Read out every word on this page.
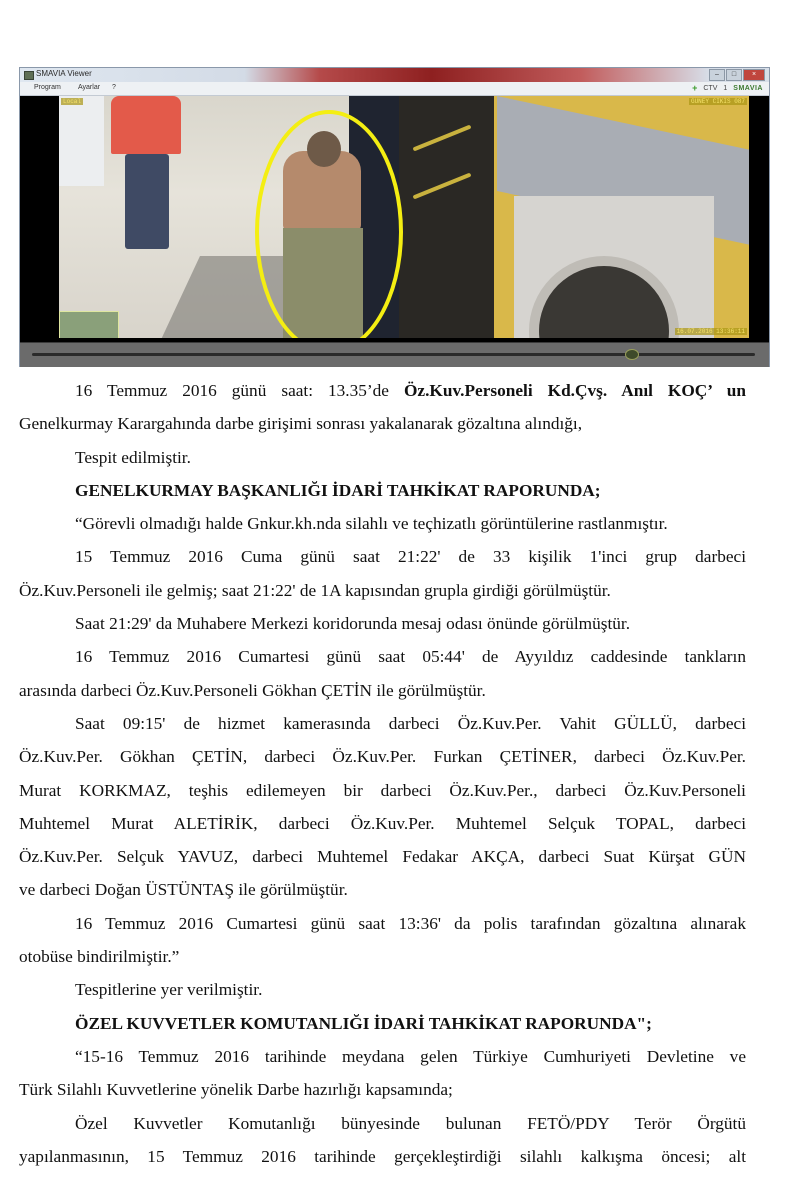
SMAVIA Viewer	–	□	×
Program Ayarlar ?	+ CTV 1 SMAVIA
Local	GUNEY CIKIS 087
16.07.2016 13:36:11

16 Temmuz 2016 günü saat: 13.35’de Öz.Kuv.Personeli Kd.Çvş. Anıl KOÇ’ un

Genelkurmay Karargahında darbe girişimi sonrası yakalanarak gözaltına alındığı,

Tespit edilmiştir.

GENELKURMAY BAŞKANLIĞI İDARİ TAHKİKAT RAPORUNDA;

“Görevli olmadığı halde Gnkur.kh.nda silahlı ve teçhizatlı görüntülerine rastlanmıştır.

15 Temmuz 2016 Cuma günü saat 21:22' de 33 kişilik 1'inci grup darbeci

Öz.Kuv.Personeli ile gelmiş; saat 21:22' de 1A kapısından grupla girdiği görülmüştür.

Saat 21:29' da Muhabere Merkezi koridorunda mesaj odası önünde görülmüştür.

16 Temmuz 2016 Cumartesi günü saat 05:44' de Ayyıldız caddesinde tankların

arasında darbeci Öz.Kuv.Personeli Gökhan ÇETİN ile görülmüştür.

Saat 09:15' de hizmet kamerasında darbeci Öz.Kuv.Per. Vahit GÜLLÜ, darbeci

Öz.Kuv.Per. Gökhan ÇETİN, darbeci Öz.Kuv.Per. Furkan ÇETİNER, darbeci Öz.Kuv.Per.

Murat KORKMAZ, teşhis edilemeyen bir darbeci Öz.Kuv.Per., darbeci Öz.Kuv.Personeli

Muhtemel Murat ALETİRİK, darbeci Öz.Kuv.Per. Muhtemel Selçuk TOPAL, darbeci

Öz.Kuv.Per. Selçuk YAVUZ, darbeci Muhtemel Fedakar AKÇA, darbeci Suat Kürşat GÜN

ve darbeci Doğan ÜSTÜNTAŞ ile görülmüştür.

16 Temmuz 2016 Cumartesi günü saat 13:36' da polis tarafından gözaltına alınarak

otobüse bindirilmiştir.”

Tespitlerine yer verilmiştir.

ÖZEL KUVVETLER KOMUTANLIĞI İDARİ TAHKİKAT RAPORUNDA";

“15-16 Temmuz 2016 tarihinde meydana gelen Türkiye Cumhuriyeti Devletine ve

Türk Silahlı Kuvvetlerine yönelik Darbe hazırlığı kapsamında;

Özel Kuvvetler Komutanlığı bünyesinde bulunan FETÖ/PDY Terör Örgütü

yapılanmasının, 15 Temmuz 2016 tarihinde gerçekleştirdiği silahlı kalkışma öncesi; alt
